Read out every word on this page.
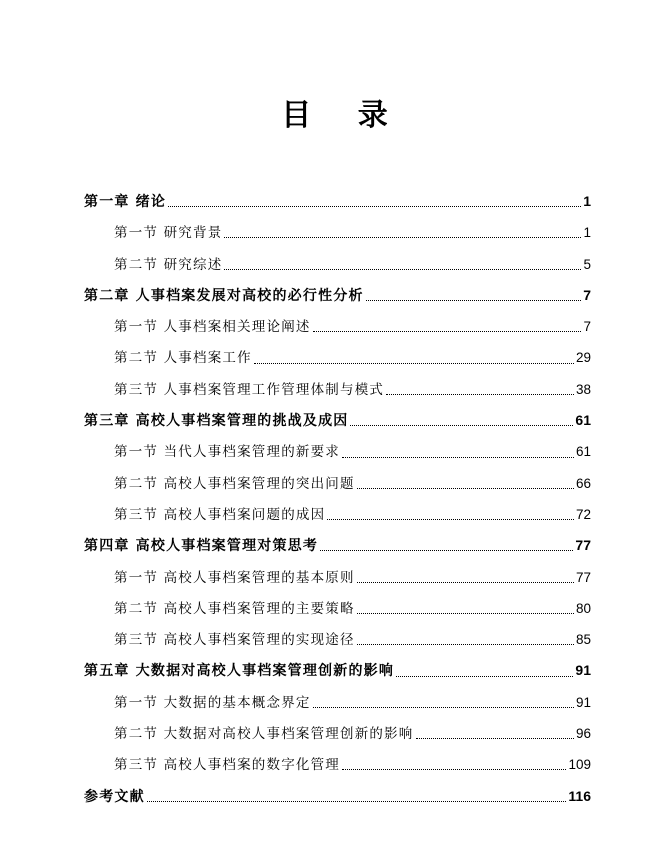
目 录
第一章 绪论	1
第一节 研究背景	1
第二节 研究综述	5
第二章 人事档案发展对高校的必行性分析	7
第一节 人事档案相关理论阐述	7
第二节 人事档案工作	29
第三节 人事档案管理工作管理体制与模式	38
第三章 高校人事档案管理的挑战及成因	61
第一节 当代人事档案管理的新要求	61
第二节 高校人事档案管理的突出问题	66
第三节 高校人事档案问题的成因	72
第四章 高校人事档案管理对策思考	77
第一节 高校人事档案管理的基本原则	77
第二节 高校人事档案管理的主要策略	80
第三节 高校人事档案管理的实现途径	85
第五章 大数据对高校人事档案管理创新的影响	91
第一节 大数据的基本概念界定	91
第二节 大数据对高校人事档案管理创新的影响	96
第三节 高校人事档案的数字化管理	109
参考文献	116
